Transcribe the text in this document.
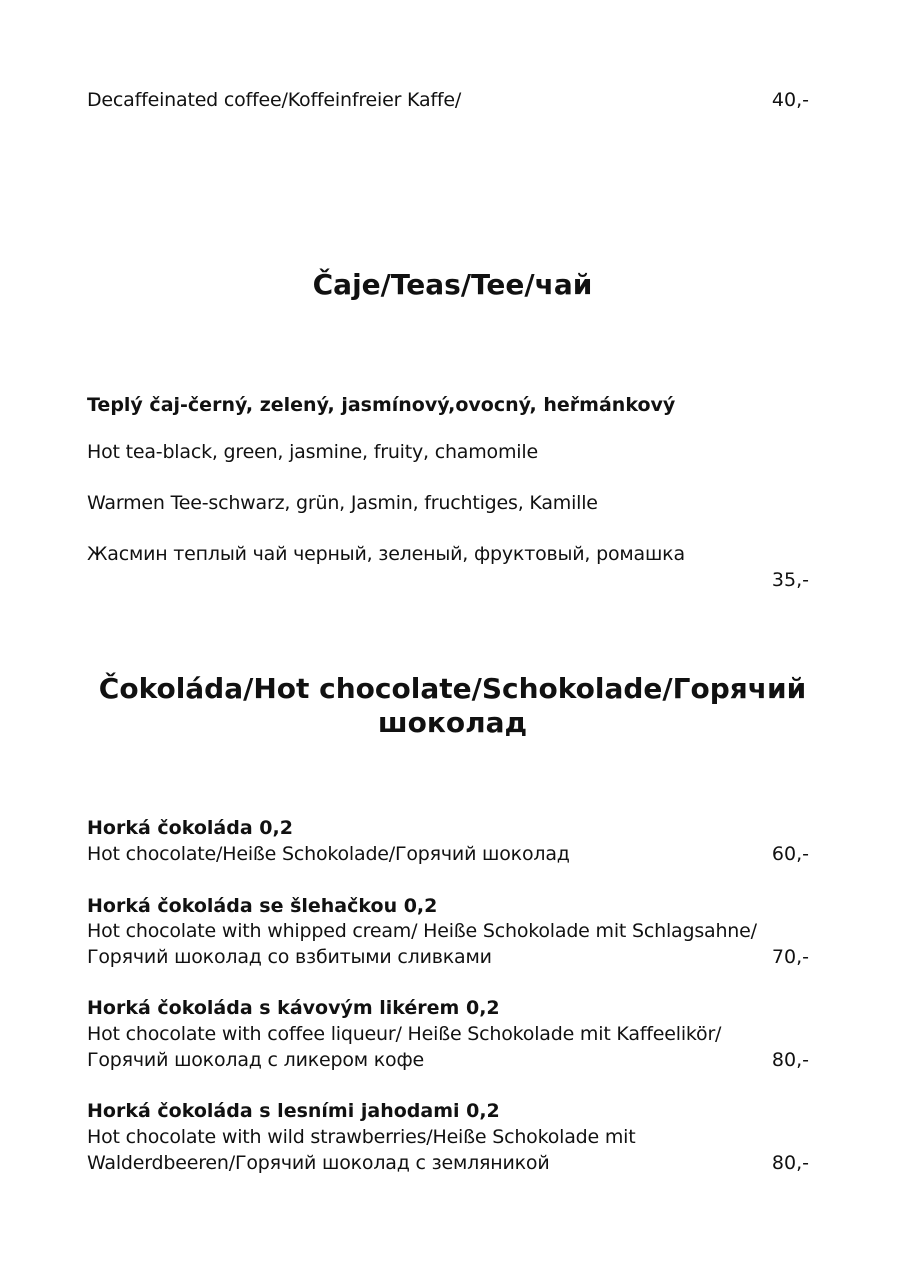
Decaffeinated coffee/Koffeinfreier Kaffe/	40,-
Čaje/Teas/Tee/чай
Teplý čaj-černý, zelený, jasmínový,ovocný, heřmánkový
Hot tea-black, green, jasmine, fruity, chamomile
Warmen Tee-schwarz, grün, Jasmin, fruchtiges, Kamille
Жасмин теплый чай черный, зеленый, фруктовый, ромашка
35,-
Čokoláda/Hot chocolate/Schokolade/Горячий
шоколад
Horká čokoláda 0,2
Hot chocolate/Heiße Schokolade/Горячий шоколад	60,-
Horká čokoláda se šlehačkou 0,2
Hot chocolate with whipped cream/ Heiße Schokolade mit Schlagsahne/
Горячий шоколад со взбитыми сливками	70,-
Horká čokoláda s kávovým likérem 0,2
Hot chocolate with coffee liqueur/ Heiße Schokolade mit Kaffeelikör/
Горячий шоколад с ликером кофе	80,-
Horká čokoláda s lesními jahodami 0,2
Hot chocolate with wild strawberries/Heiße Schokolade mit
Walderdbeeren/Горячий шоколад с земляникой	80,-
